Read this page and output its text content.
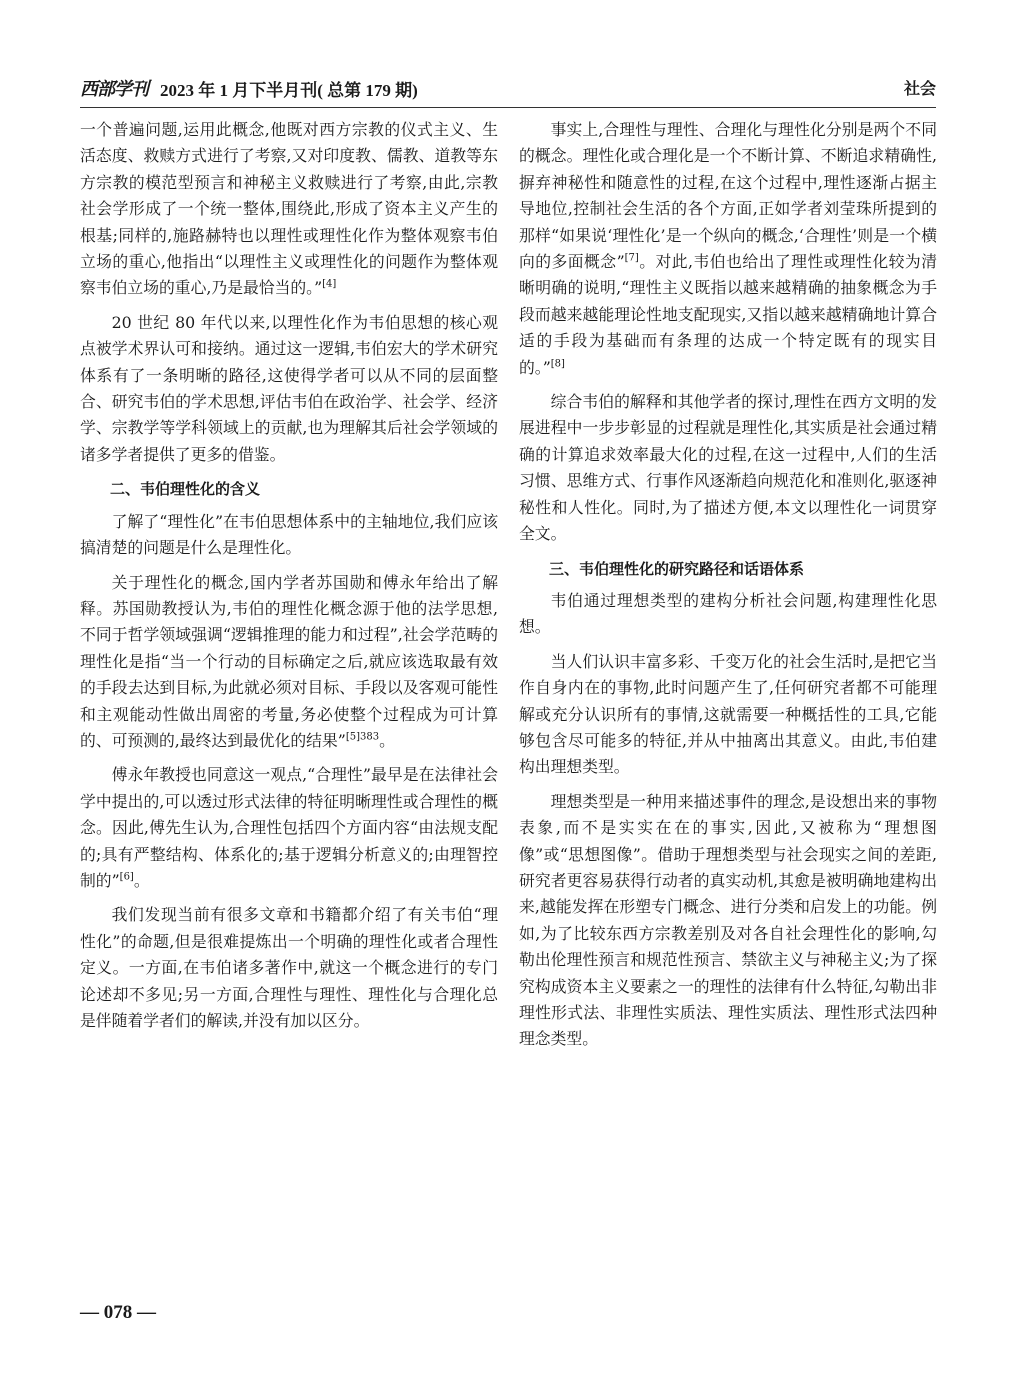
西部学刊 2023 年 1 月下半月刊( 总第 179 期)	社会

一个普遍问题,运用此概念,他既对西方宗教的仪式主义、生活态度、救赎方式进行了考察,又对印度教、儒教、道教等东方宗教的模范型预言和神秘主义救赎进行了考察,由此,宗教社会学形成了一个统一整体,围绕此,形成了资本主义产生的根基;同样的,施路赫特也以理性或理性化作为整体观察韦伯立场的重心,他指出“以理性主义或理性化的问题作为整体观察韦伯立场的重心,乃是最恰当的。”[4]

20 世纪 80 年代以来,以理性化作为韦伯思想的核心观点被学术界认可和接纳。通过这一逻辑,韦伯宏大的学术研究体系有了一条明晰的路径,这使得学者可以从不同的层面整合、研究韦伯的学术思想,评估韦伯在政治学、社会学、经济学、宗教学等学科领域上的贡献,也为理解其后社会学领域的诸多学者提供了更多的借鉴。

二、韦伯理性化的含义

了解了“理性化”在韦伯思想体系中的主轴地位,我们应该搞清楚的问题是什么是理性化。

关于理性化的概念,国内学者苏国勋和傅永年给出了解释。苏国勋教授认为,韦伯的理性化概念源于他的法学思想,不同于哲学领域强调“逻辑推理的能力和过程”,社会学范畴的理性化是指“当一个行动的目标确定之后,就应该选取最有效的手段去达到目标,为此就必须对目标、手段以及客观可能性和主观能动性做出周密的考量,务必使整个过程成为可计算的、可预测的,最终达到最优化的结果”$^{[5]383}$。

傅永年教授也同意这一观点,“合理性”最早是在法律社会学中提出的,可以透过形式法律的特征明晰理性或合理性的概念。因此,傅先生认为,合理性包括四个方面内容“由法规支配的;具有严整结构、体系化的;基于逻辑分析意义的;由理智控制的”[6]。

我们发现当前有很多文章和书籍都介绍了有关韦伯“理性化”的命题,但是很难提炼出一个明确的理性化或者合理性定义。一方面,在韦伯诸多著作中,就这一个概念进行的专门论述却不多见;另一方面,合理性与理性、理性化与合理化总是伴随着学者们的解读,并没有加以区分。

事实上,合理性与理性、合理化与理性化分别是两个不同的概念。理性化或合理化是一个不断计算、不断追求精确性,摒弃神秘性和随意性的过程,在这个过程中,理性逐渐占据主导地位,控制社会生活的各个方面,正如学者刘莹珠所提到的那样“如果说‘理性化’是一个纵向的概念,‘合理性’则是一个横向的多面概念”[7]。对此,韦伯也给出了理性或理性化较为清晰明确的说明,“理性主义既指以越来越精确的抽象概念为手段而越来越能理论性地支配现实,又指以越来越精确地计算合适的手段为基础而有条理的达成一个特定既有的现实目的。”[8]

综合韦伯的解释和其他学者的探讨,理性在西方文明的发展进程中一步步彰显的过程就是理性化,其实质是社会通过精确的计算追求效率最大化的过程,在这一过程中,人们的生活习惯、思维方式、行事作风逐渐趋向规范化和准则化,驱逐神秘性和人性化。同时,为了描述方便,本文以理性化一词贯穿全文。

三、韦伯理性化的研究路径和话语体系

韦伯通过理想类型的建构分析社会问题,构建理性化思想。

当人们认识丰富多彩、千变万化的社会生活时,是把它当作自身内在的事物,此时问题产生了,任何研究者都不可能理解或充分认识所有的事情,这就需要一种概括性的工具,它能够包含尽可能多的特征,并从中抽离出其意义。由此,韦伯建构出理想类型。

理想类型是一种用来描述事件的理念,是设想出来的事物表象,而不是实实在在的事实,因此,又被称为“理想图像”或“思想图像”。借助于理想类型与社会现实之间的差距,研究者更容易获得行动者的真实动机,其愈是被明确地建构出来,越能发挥在形塑专门概念、进行分类和启发上的功能。例如,为了比较东西方宗教差别及对各自社会理性化的影响,勾勒出伦理性预言和规范性预言、禁欲主义与神秘主义;为了探究构成资本主义要素之一的理性的法律有什么特征,勾勒出非理性形式法、非理性实质法、理性实质法、理性形式法四种理念类型。

— 078 —
